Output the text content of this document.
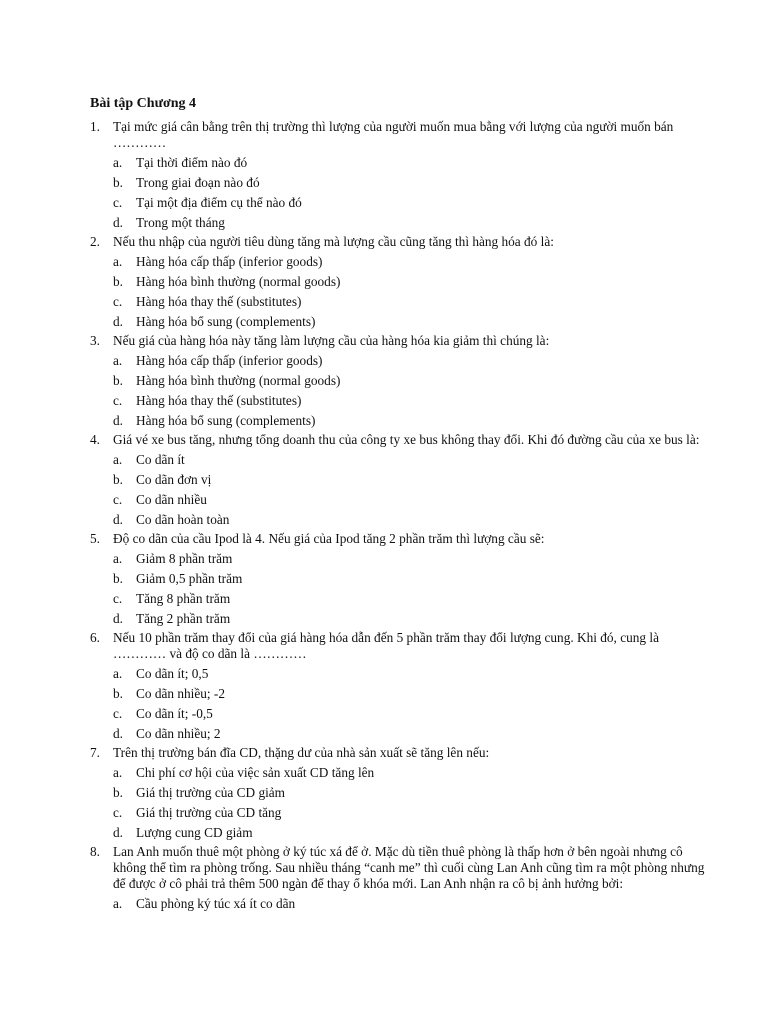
Bài tập Chương 4
1. Tại mức giá cân bằng trên thị trường thì lượng của người muốn mua bằng với lượng của người muốn bán …………
a.	Tại thời điểm nào đó
b. Trong giai đoạn nào đó
c.	Tại một địa điểm cụ thể nào đó
d. Trong một tháng
2. Nếu thu nhập của người tiêu dùng tăng mà lượng cầu cũng tăng thì hàng hóa đó là:
a.	Hàng hóa cấp thấp (inferior goods)
b. Hàng hóa bình thường (normal goods)
c.	Hàng hóa thay thế (substitutes)
d. Hàng hóa bổ sung (complements)
3. Nếu giá của hàng hóa này tăng làm lượng cầu của hàng hóa kia giảm thì chúng là:
a.	Hàng hóa cấp thấp (inferior goods)
b. Hàng hóa bình thường (normal goods)
c.	Hàng hóa thay thế (substitutes)
d. Hàng hóa bổ sung (complements)
4. Giá vé xe bus tăng, nhưng tổng doanh thu của công ty xe bus không thay đổi. Khi đó đường cầu của xe bus là:
a.	Co dãn ít
b. Co dãn đơn vị
c.	Co dãn nhiều
d. Co dãn hoàn toàn
5. Độ co dãn của cầu Ipod là 4. Nếu giá của Ipod tăng 2 phần trăm thì lượng cầu sẽ:
a.	Giảm 8 phần trăm
b. Giảm 0,5 phần trăm
c.	Tăng 8 phần trăm
d. Tăng 2 phần trăm
6. Nếu 10 phần trăm thay đổi của giá hàng hóa dẫn đến 5 phần trăm thay đổi lượng cung. Khi đó, cung là ………… và độ co dãn là …………
a.	Co dãn ít; 0,5
b. Co dãn nhiều; -2
c.	Co dãn ít; -0,5
d. Co dãn nhiều; 2
7. Trên thị trường bán đĩa CD, thặng dư của nhà sản xuất sẽ tăng lên nếu:
a.	Chi phí cơ hội của việc sản xuất CD tăng lên
b. Giá thị trường của CD giảm
c.	Giá thị trường của CD tăng
d. Lượng cung CD giảm
8. Lan Anh muốn thuê một phòng ở ký túc xá để ở. Mặc dù tiền thuê phòng là thấp hơn ở bên ngoài nhưng cô không thể tìm ra phòng trống. Sau nhiều tháng “canh me” thì cuối cùng Lan Anh cũng tìm ra một phòng nhưng để được ở cô phải trả thêm 500 ngàn để thay ổ khóa mới. Lan Anh nhận ra cô bị ảnh hưởng bởi:
a.	Cầu phòng ký túc xá ít co dãn
